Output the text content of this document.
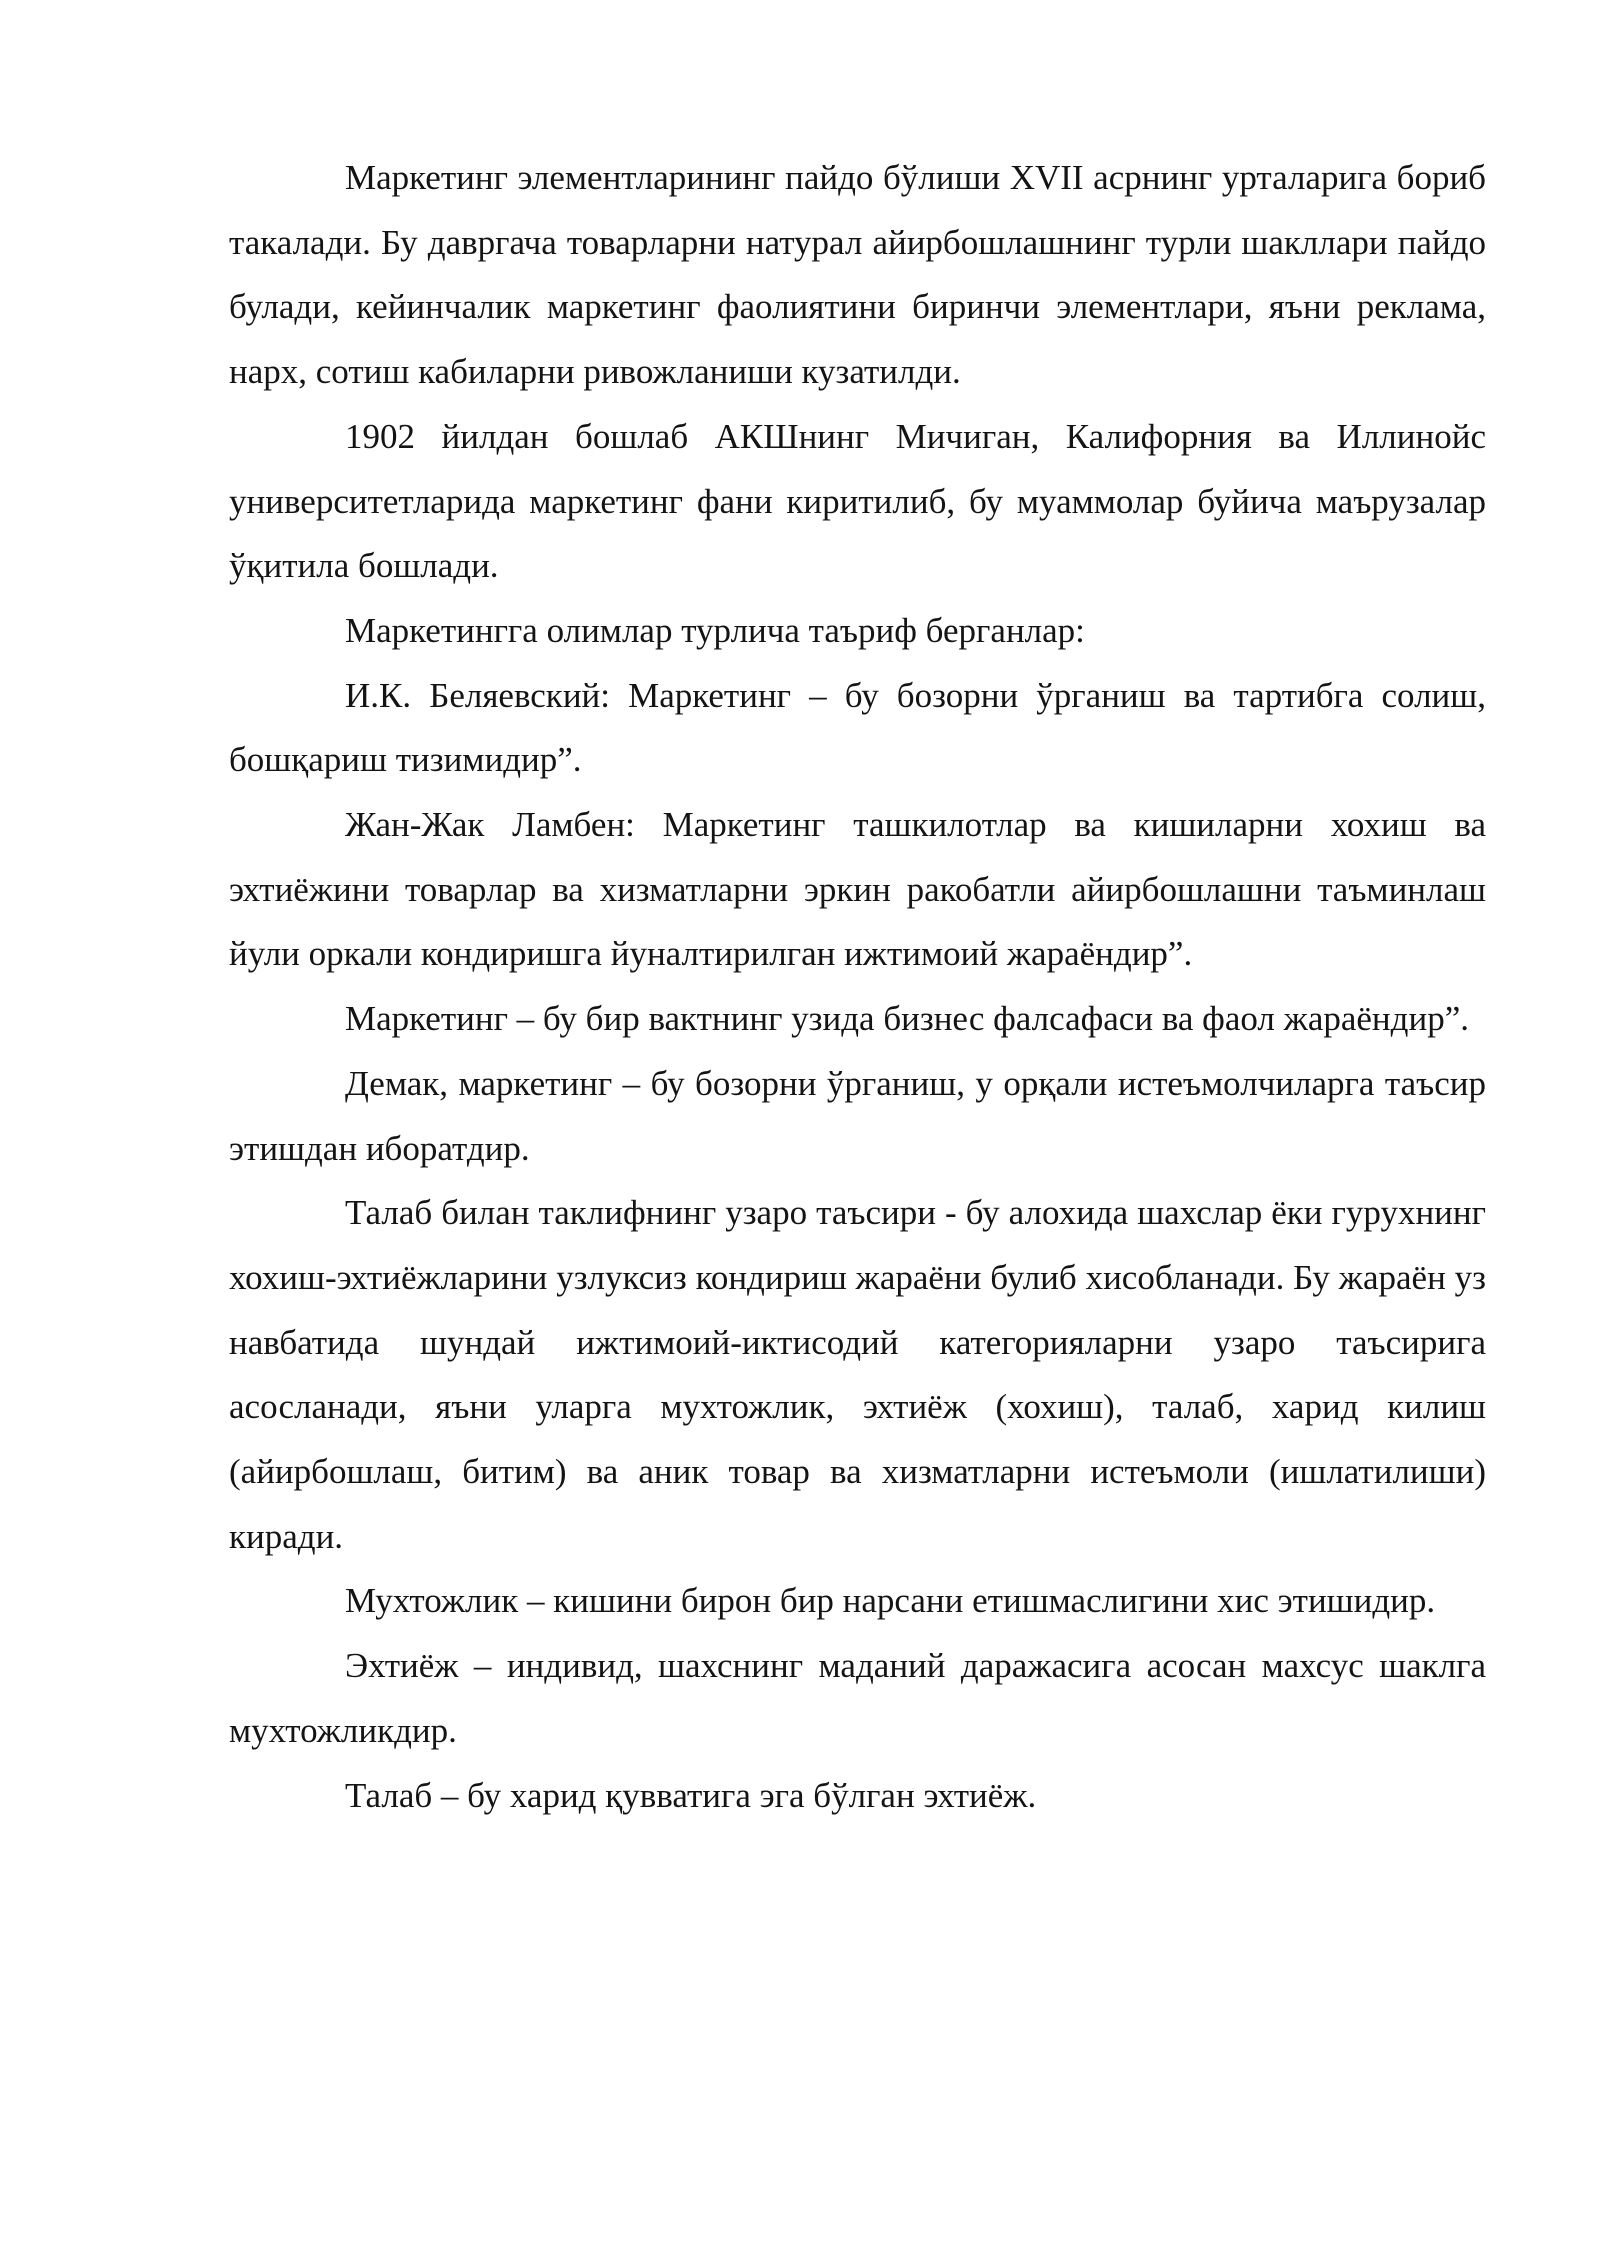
Маркетинг элементларининг пайдо бўлиши XVII асрнинг урталарига бориб такалади. Бу давргача товарларни натурал айирбошлашнинг турли шакллари пайдо булади, кейинчалик маркетинг фаолиятини биринчи элементлари, яъни реклама, нарх, сотиш кабиларни ривожланиши кузатилди.

1902 йилдан бошлаб АКШнинг Мичиган, Калифорния ва Иллинойс университетларида маркетинг фани киритилиб, бу муаммолар буйича маърузалар ўқитила бошлади.

Маркетингга олимлар турлича таъриф берганлар:

И.К. Беляевский: Маркетинг – бу бозорни ўрганиш ва тартибга солиш, бошқариш тизимидир”.

Жан-Жак Ламбен: Маркетинг ташкилотлар ва кишиларни хохиш ва эхтиёжини товарлар ва хизматларни эркин ракобатли айирбошлашни таъминлаш йули оркали кондиришга йуналтирилган ижтимоий жараёндир”.

Маркетинг – бу бир вактнинг узида бизнес фалсафаси ва фаол жараёндир”.

Демак, маркетинг – бу бозорни ўрганиш, у орқали истеъмолчиларга таъсир этишдан иборатдир.

Талаб билан таклифнинг узаро таъсири - бу алохида шахслар ёки гурухнинг хохиш-эхтиёжларини узлуксиз кондириш жараёни булиб хисобланади. Бу жараён уз навбатида шундай ижтимоий-иктисодий категорияларни узаро таъсирига асосланади, яъни уларга мухтожлик, эхтиёж (хохиш), талаб, харид килиш (айирбошлаш, битим) ва аник товар ва хизматларни истеъмоли (ишлатилиши) киради.

Мухтожлик – кишини бирон бир нарсани етишмаслигини хис этишидир.

Эхтиёж – индивид, шахснинг маданий даражасига асосан махсус шаклга мухтожликдир.

Талаб – бу харид қувватига эга бўлган эхтиёж.
